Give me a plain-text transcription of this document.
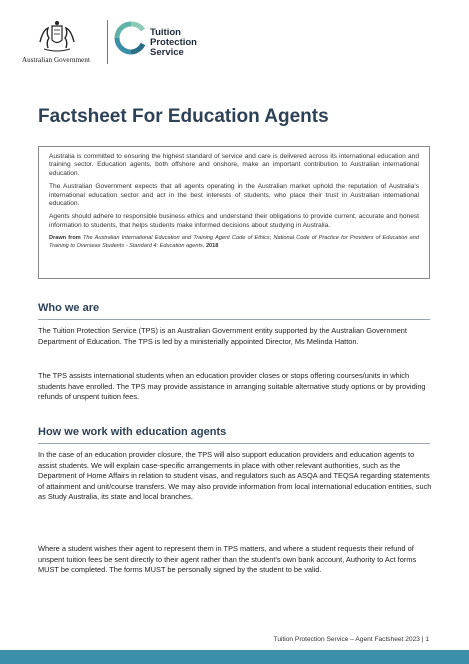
Australian Government
Tuition
Protection
Service
Factsheet For Education Agents

Australia is committed to ensuring the highest standard of service and care is delivered across its international education and training sector. Education agents, both offshore and onshore, make an important contribution to Australian international education.

The Australian Government expects that all agents operating in the Australian market uphold the reputation of Australia's international education sector and act in the best interests of students, who place their trust in Australian international education.

Agents should adhere to responsible business ethics and understand their obligations to provide current, accurate and honest information to students, that helps students make informed decisions about studying in Australia.

Drawn from The Australian International Education and Training Agent Code of Ethics; National Code of Practice for Providers of Education and Training to Overseas Students - Standard 4: Education agents, 2018

Who we are

The Tuition Protection Service (TPS) is an Australian Government entity supported by the Australian Government Department of Education. The TPS is led by a ministerially appointed Director, Ms Melinda Hatton.

The TPS assists international students when an education provider closes or stops offering courses/units in which students have enrolled. The TPS may provide assistance in arranging suitable alternative study options or by providing refunds of unspent tuition fees.

How we work with education agents

In the case of an education provider closure, the TPS will also support education providers and education agents to assist students. We will explain case-specific arrangements in place with other relevant authorities, such as the Department of Home Affairs in relation to student visas, and regulators such as ASQA and TEQSA regarding statements of attainment and unit/course transfers. We may also provide information from local international education entities, such as Study Australia, its state and local branches.

Where a student wishes their agent to represent them in TPS matters, and where a student requests their refund of unspent tuition fees be sent directly to their agent rather than the student's own bank account, Authority to Act forms MUST be completed. The forms MUST be personally signed by the student to be valid.

Tuition Protection Service – Agent Factsheet 2023 | 1
